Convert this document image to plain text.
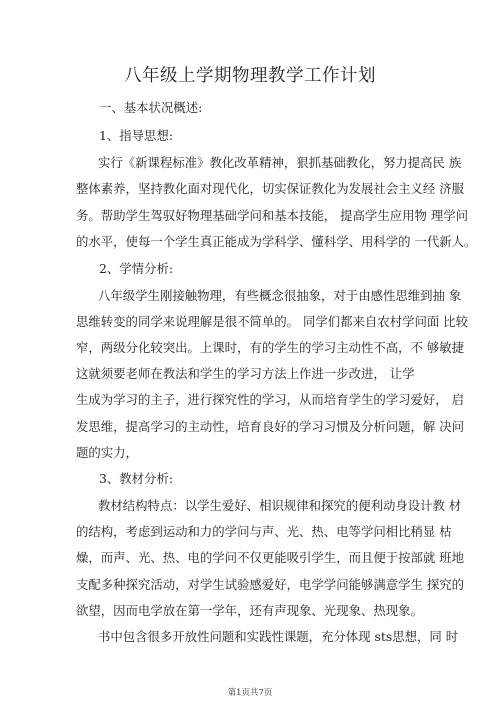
八年级上学期物理教学工作计划

一、基本状况概述:

1、指导思想:

实行《新课程标准》教化改革精神，狠抓基础教化，努力提高民 族

整体素养，坚持教化面对现代化，切实保证教化为发展社会主义经 济服

务。帮助学生驾驭好物理基础学问和基本技能， 提高学生应用物 理学问

的水平，使每一个学生真正能成为学科学、懂科学、用科学的 一代新人。

2、学情分析:

八年级学生刚接触物理，有些概念很抽象，对于由感性思维到抽 象

思维转变的同学来说理解是很不简单的。 同学们都来自农村学问面 比较

窄，两级分化较突出。上课时，有的学生的学习主动性不高，不 够敏捷

这就须要老师在教法和学生的学习方法上作进一步改进， 让学

生成为学习的主子，进行探究性的学习，从而培育学生的学习爱好， 启

发思维，提高学习的主动性，培育良好的学习习惯及分析问题，解 决问

题的实力，

3、教材分析:

教材结构特点：以学生爱好、相识规律和探究的便利动身设计教 材

的结构，考虑到运动和力的学问与声、光、热、电等学问相比稍显 枯

燥，而声、光、热、电的学问不仅更能吸引学生，而且便于按部就 班地

支配多种探究活动，对学生试验感爱好，电学学问能够满意学生 探究的

欲望，因而电学放在第一学年，还有声现象、光现象、热现象。

书中包含很多开放性问题和实践性课题，充分体现 sts思想，同 时

第1页共7页
